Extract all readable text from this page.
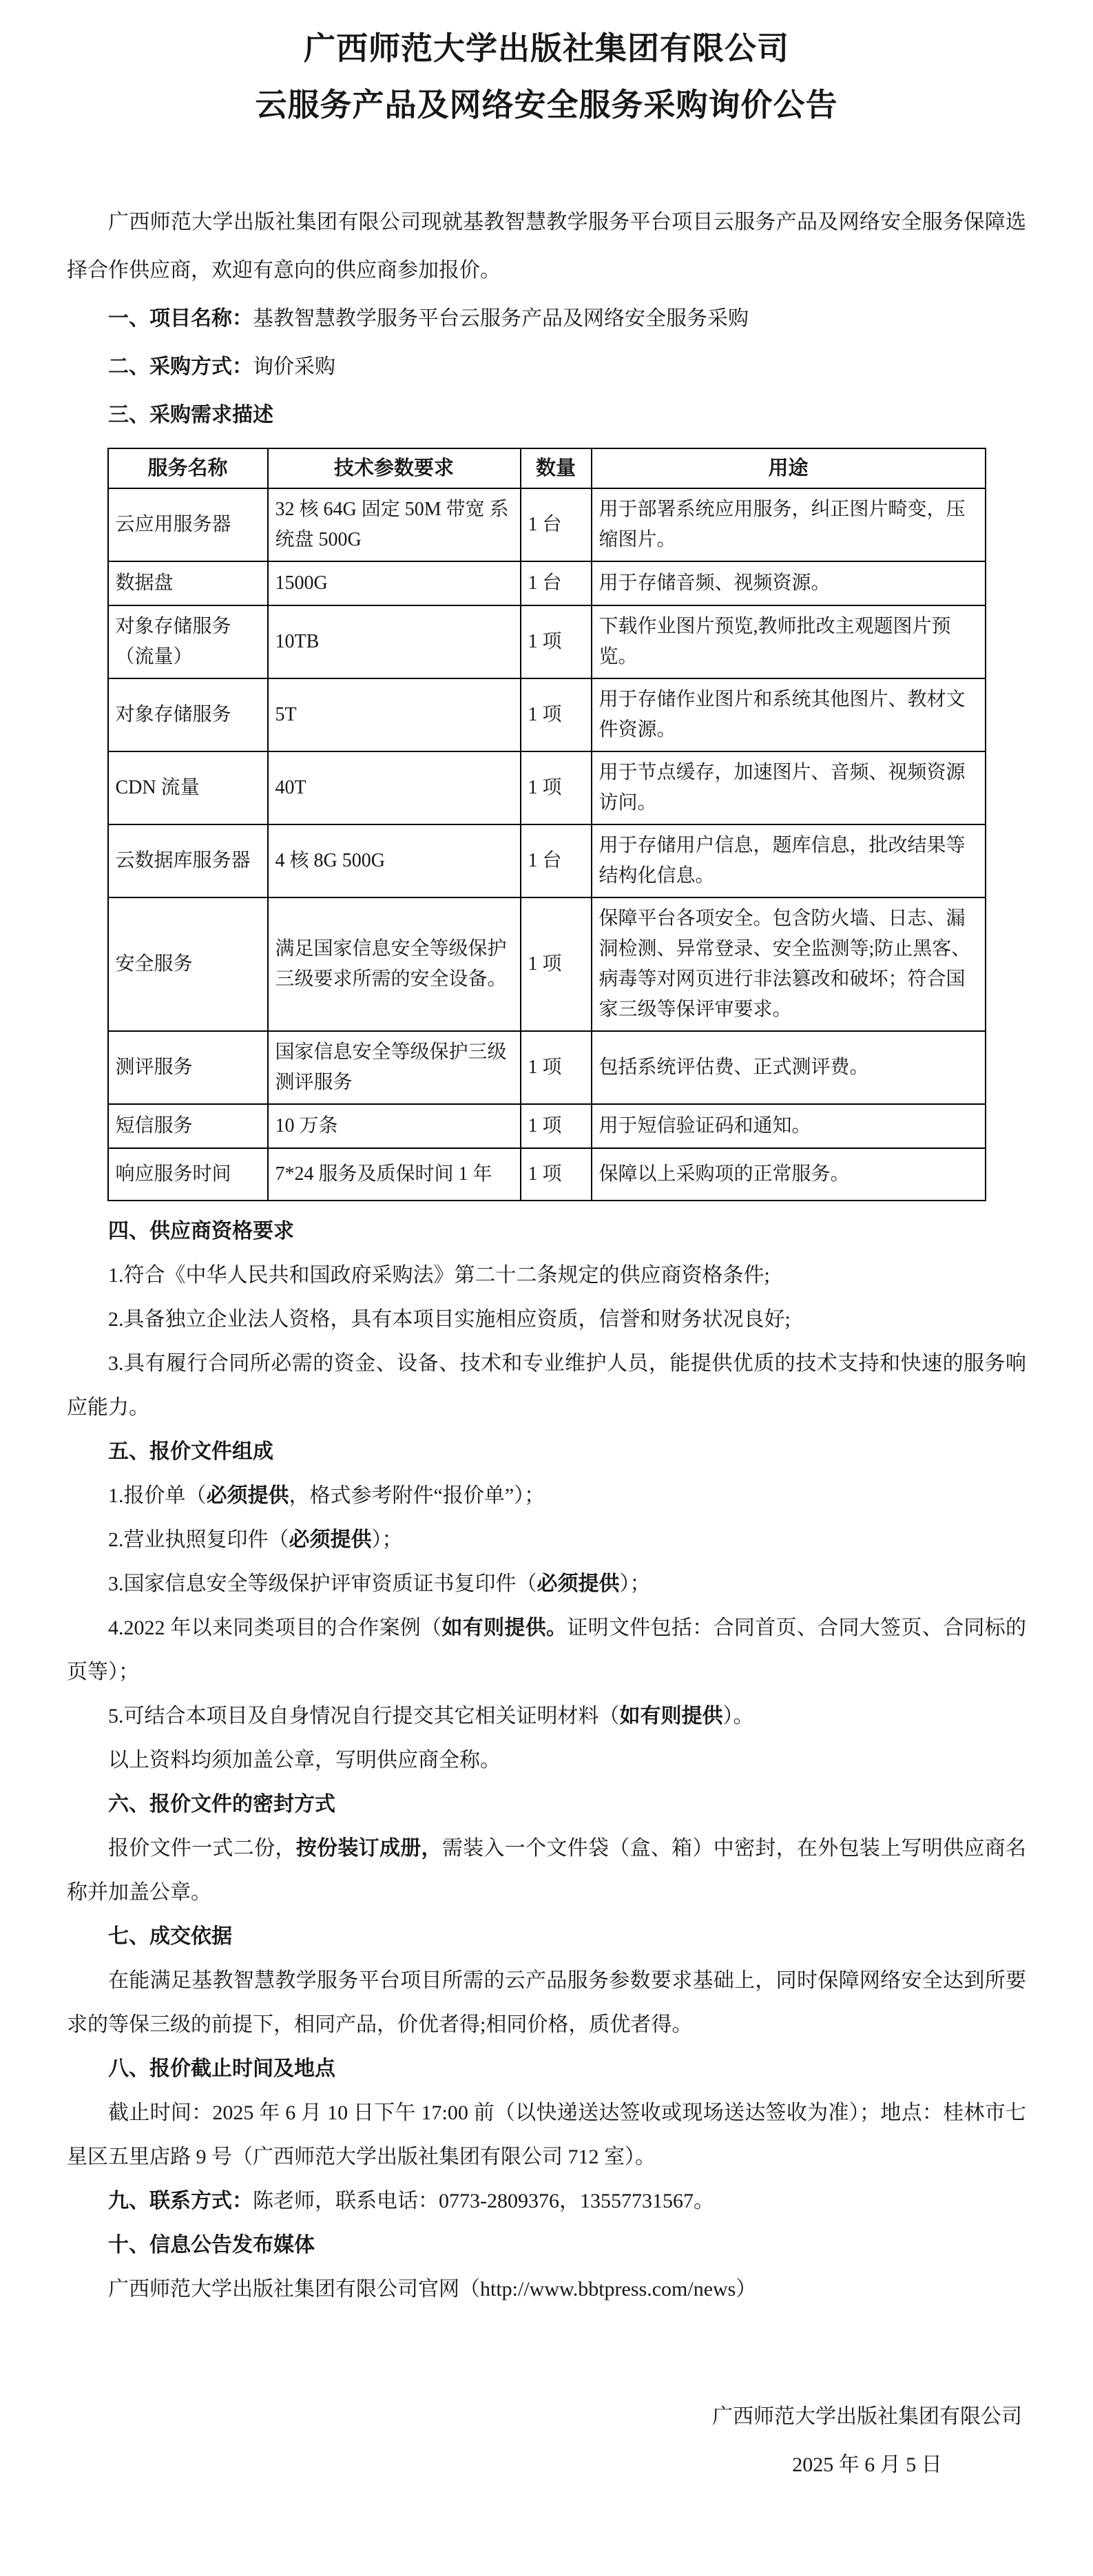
广西师范大学出版社集团有限公司
云服务产品及网络安全服务采购询价公告

广西师范大学出版社集团有限公司现就基教智慧教学服务平台项目云服务产品及网络安全服务保障选择合作供应商，欢迎有意向的供应商参加报价。

一、项目名称：基教智慧教学服务平台云服务产品及网络安全服务采购

二、采购方式：询价采购

三、采购需求描述

服务名称	技术参数要求	数量	用途
云应用服务器	32 核 64G 固定 50M 带宽 系统盘 500G	1 台	用于部署系统应用服务，纠正图片畸变，压缩图片。
数据盘	1500G	1 台	用于存储音频、视频资源。
对象存储服务（流量）	10TB	1 项	下载作业图片预览,教师批改主观题图片预览。
对象存储服务	5T	1 项	用于存储作业图片和系统其他图片、教材文件资源。
CDN 流量	40T	1 项	用于节点缓存，加速图片、音频、视频资源访问。
云数据库服务器	4 核 8G 500G	1 台	用于存储用户信息，题库信息，批改结果等结构化信息。
安全服务	满足国家信息安全等级保护三级要求所需的安全设备。	1 项	保障平台各项安全。包含防火墙、日志、漏洞检测、异常登录、安全监测等;防止黑客、病毒等对网页进行非法篡改和破坏；符合国家三级等保评审要求。
测评服务	国家信息安全等级保护三级测评服务	1 项	包括系统评估费、正式测评费。
短信服务	10 万条	1 项	用于短信验证码和通知。
响应服务时间	7*24 服务及质保时间 1 年	1 项	保障以上采购项的正常服务。

四、供应商资格要求

1.符合《中华人民共和国政府采购法》第二十二条规定的供应商资格条件;

2.具备独立企业法人资格，具有本项目实施相应资质，信誉和财务状况良好;

3.具有履行合同所必需的资金、设备、技术和专业维护人员，能提供优质的技术支持和快速的服务响应能力。

五、报价文件组成

1.报价单（必须提供，格式参考附件“报价单”）；

2.营业执照复印件（必须提供）；

3.国家信息安全等级保护评审资质证书复印件（必须提供）；

4.2022 年以来同类项目的合作案例（如有则提供。证明文件包括：合同首页、合同大签页、合同标的页等）；

5.可结合本项目及自身情况自行提交其它相关证明材料（如有则提供）。

以上资料均须加盖公章，写明供应商全称。

六、报价文件的密封方式

报价文件一式二份，按份装订成册，需装入一个文件袋（盒、箱）中密封，在外包装上写明供应商名称并加盖公章。

七、成交依据

在能满足基教智慧教学服务平台项目所需的云产品服务参数要求基础上，同时保障网络安全达到所要求的等保三级的前提下，相同产品，价优者得;相同价格，质优者得。

八、报价截止时间及地点

截止时间：2025 年 6 月 10 日下午 17:00 前（以快递送达签收或现场送达签收为准）；地点：桂林市七星区五里店路 9 号（广西师范大学出版社集团有限公司 712 室）。

九、联系方式：陈老师，联系电话：0773-2809376，13557731567。

十、信息公告发布媒体

广西师范大学出版社集团有限公司官网（http://www.bbtpress.com/news）

广西师范大学出版社集团有限公司
2025 年 6 月 5 日
